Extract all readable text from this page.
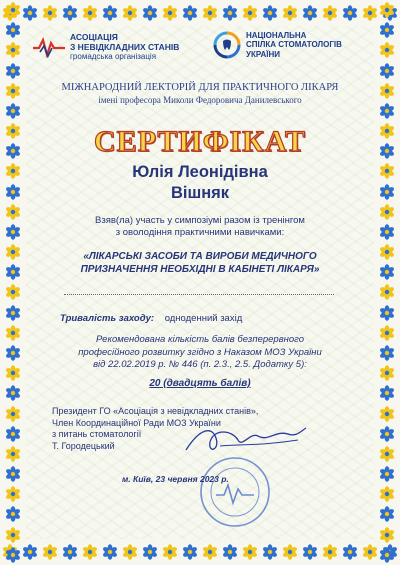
АСОЦІАЦІЯ
З НЕВІДКЛАДНИХ СТАНІВ
громадська організація
НАЦІОНАЛЬНА
СПІЛКА СТОМАТОЛОГІВ
УКРАЇНИ
МІЖНАРОДНИЙ ЛЕКТОРІЙ ДЛЯ ПРАКТИЧНОГО ЛІКАРЯ
імені професора Миколи Федоровича Данилевського
СЕРТИФІКАТ
Юлія Леонідівна
Вішняк
Взяв(ла) участь у симпозіумі разом із тренінгом
з оволодіння практичними навичками:
«ЛІКАРСЬКІ ЗАСОБИ ТА ВИРОБИ МЕДИЧНОГО
ПРИЗНАЧЕННЯ НЕОБХІДНІ В КАБІНЕТІ ЛІКАРЯ»
Тривалість заходу: одноденний захід
Рекомендована кількість балів безперервного
професійного розвитку згідно з Наказом МОЗ України
від 22.02.2019 р. № 446 (п. 2.3., 2.5. Додатку 5):
20 (двадцять балів)
Президент ГО «Асоціація з невідкладних станів»,
Член Координаційної Ради МОЗ України
з питань стоматології
Т. Городецький
м. Київ, 23 червня 2023 р.
